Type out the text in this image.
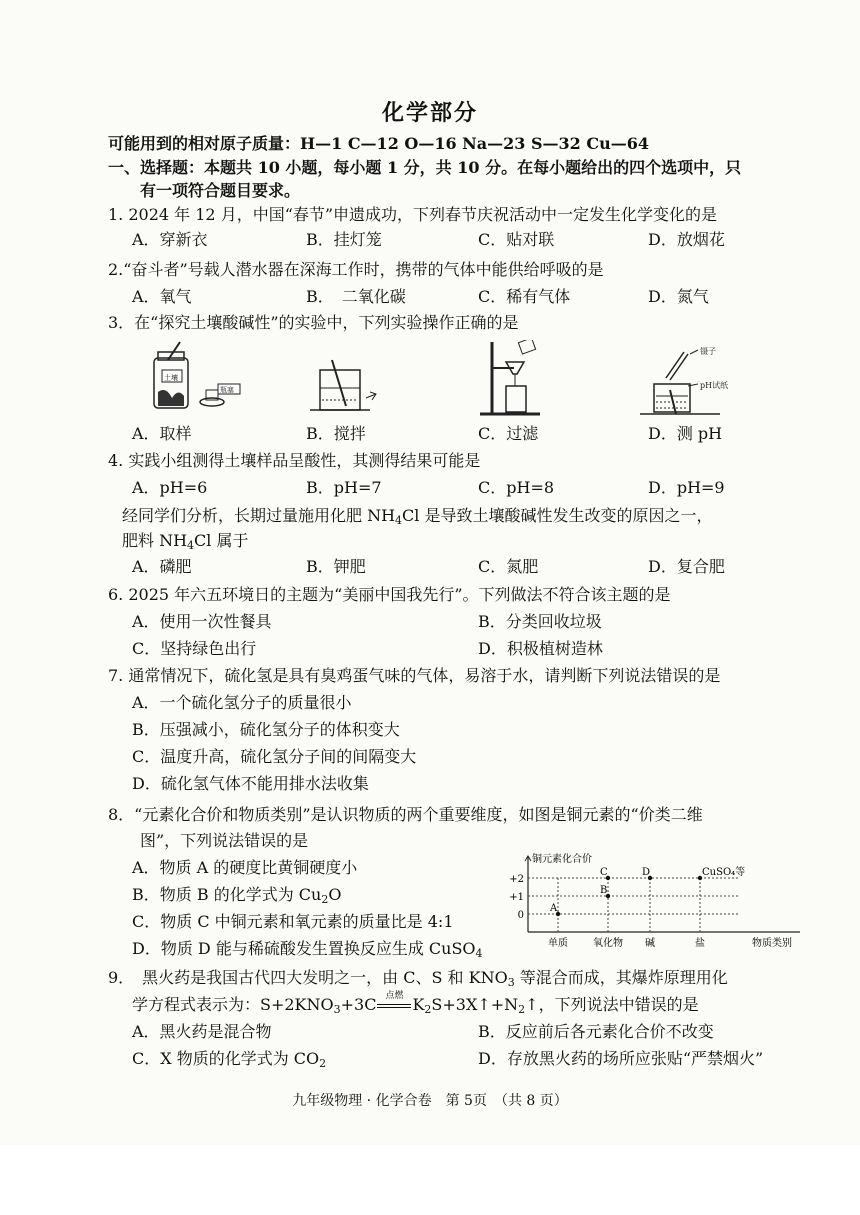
化学部分
可能用到的相对原子质量：H—1 C—12 O—16 Na—23 S—32 Cu—64
一、选择题：本题共 10 小题，每小题 1 分，共 10 分。在每小题给出的四个选项中，只
有一项符合题目要求。
1. 2024 年 12 月，中国“春节”申遗成功，下列春节庆祝活动中一定发生化学变化的是
A．穿新衣	B．挂灯笼	C．贴对联	D．放烟花
2.“奋斗者”号载人潜水器在深海工作时，携带的气体中能供给呼吸的是
A．氧气	B．　二氧化碳	C．稀有气体	D．氮气
3．在“探究土壤酸碱性”的实验中，下列实验操作正确的是
土壤
瓶塞
镊子
pH试纸
A．取样	B．搅拌	C．过滤	D．测 pH
4. 实践小组测得土壤样品呈酸性，其测得结果可能是
A．pH=6	B．pH=7	C．pH=8	D．pH=9
经同学们分析，长期过量施用化肥 $NH_4Cl$ 是导致土壤酸碱性发生改变的原因之一，
肥料 $NH_4Cl$ 属于
A．磷肥	B．钾肥	C．氮肥	D．复合肥
6. 2025 年六五环境日的主题为“美丽中国我先行”。下列做法不符合该主题的是
A．使用一次性餐具	B．分类回收垃圾
C．坚持绿色出行	D．积极植树造林
7. 通常情况下，硫化氢是具有臭鸡蛋气味的气体，易溶于水，请判断下列说法错误的是
A．一个硫化氢分子的质量很小
B．压强减小，硫化氢分子的体积变大
C．温度升高，硫化氢分子间的间隔变大
D．硫化氢气体不能用排水法收集
8．“元素化合价和物质类别”是认识物质的两个重要维度，如图是铜元素的“价类二维
图”，下列说法错误的是
A．物质 A 的硬度比黄铜硬度小
B．物质 B 的化学式为 $Cu_2O$
C．物质 C 中铜元素和氧元素的质量比是 4:1
D．物质 D 能与稀硫酸发生置换反应生成 CuSO$_4$
铜元素化合价
物质类别
+2
+1
0
单质	氧化物 碱	盐
A
B
C	D	CuSO₄等
9．　黑火药是我国古代四大发明之一，由 C、S 和 $KNO_3$ 等混合而成，其爆炸原理用化
学方程式表示为：$S+2KNO_3+3C$ 点燃 $K_2S+3X↑+N_2↑$，下列说法中错误的是
A．黑火药是混合物	B．反应前后各元素化合价不改变
C．X 物质的化学式为 $CO_2$	D．存放黑火药的场所应张贴“严禁烟火”
九年级物理 · 化学合卷　第 5页　（共 8 页）
